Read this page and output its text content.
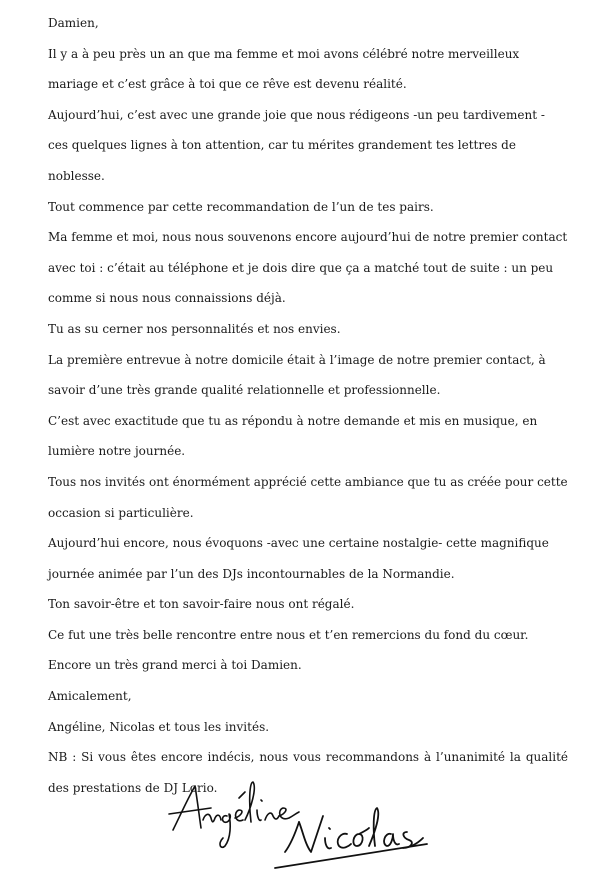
Damien,

Il y a à peu près un an que ma femme et moi avons célébré notre merveilleux mariage et c’est grâce à toi que ce rêve est devenu réalité.

Aujourd’hui, c’est avec une grande joie que nous rédigeons -un peu tardivement - ces quelques lignes à ton attention, car tu mérites grandement tes lettres de noblesse.

Tout commence par cette recommandation de l’un de tes pairs.

Ma femme et moi, nous nous souvenons encore aujourd’hui de notre premier contact avec toi : c’était au téléphone et je dois dire que ça a matché tout de suite : un peu comme si nous nous connaissions déjà.

Tu as su cerner nos personnalités et nos envies.

La première entrevue à notre domicile était à l’image de notre premier contact, à savoir d’une très grande qualité relationnelle et professionnelle.

C’est avec exactitude que tu as répondu à notre demande et mis en musique, en lumière notre journée.

Tous nos invités ont énormément apprécié cette ambiance que tu as créée pour cette occasion si particulière.

Aujourd’hui encore, nous évoquons -avec une certaine nostalgie- cette magnifique journée animée par l’un des DJs incontournables de la Normandie.

Ton savoir-être et ton savoir-faire nous ont régalé.

Ce fut une très belle rencontre entre nous et t’en remercions du fond du cœur.

Encore un très grand merci à toi Damien.

Amicalement,

Angéline, Nicolas et tous les invités.

NB : Si vous êtes encore indécis, nous vous recommandons à l’unanimité la qualité des prestations de DJ Lorio.
